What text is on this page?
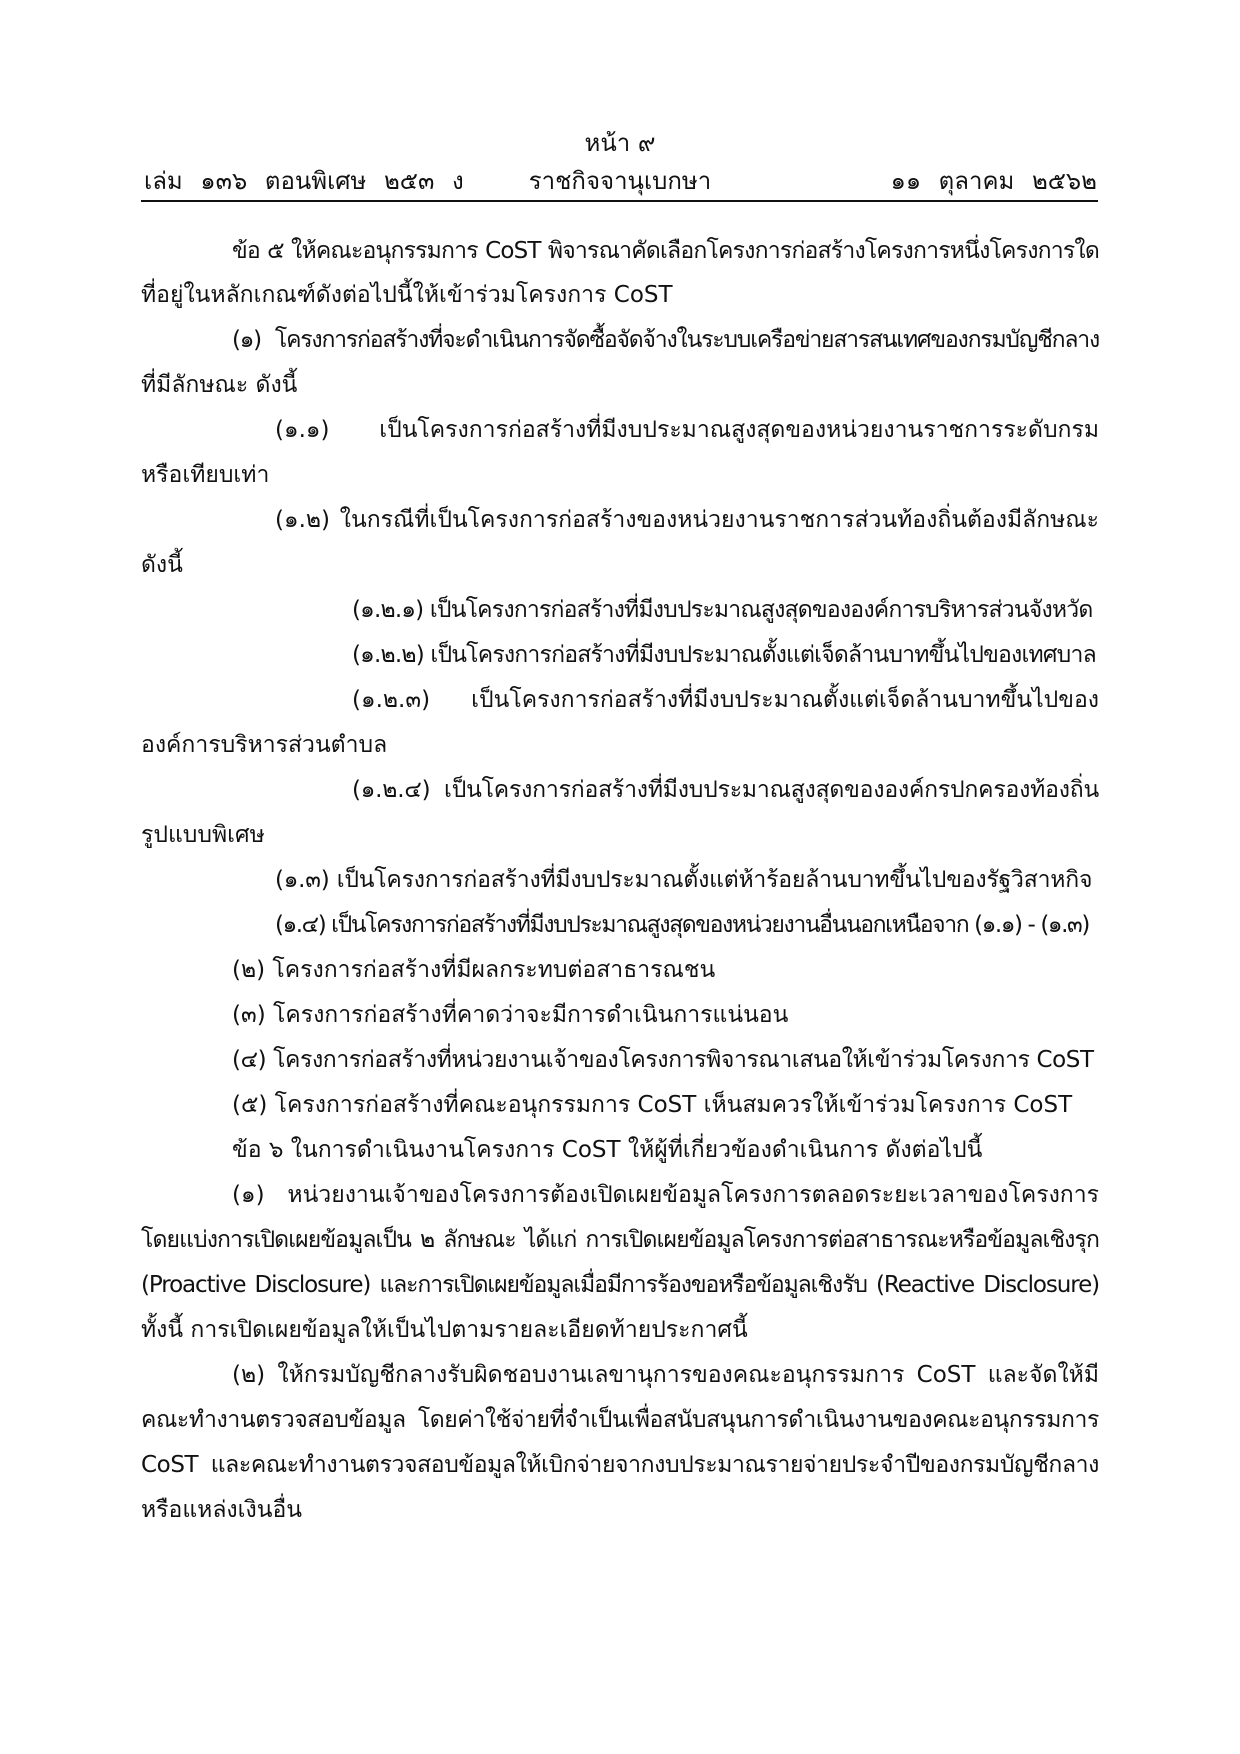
หน้า ๙
เล่ม ๑๓๖ ตอนพิเศษ ๒๕๓ ง	ราชกิจจานุเบกษา	๑๑ ตุลาคม ๒๕๖๒
ข้อ ๕ ให้คณะอนุกรรมการ CoST พิจารณาคัดเลือกโครงการก่อสร้างโครงการหนึ่งโครงการใด
ที่อยู่ในหลักเกณฑ์ดังต่อไปนี้ให้เข้าร่วมโครงการ CoST
(๑) โครงการก่อสร้างที่จะดำเนินการจัดซื้อจัดจ้างในระบบเครือข่ายสารสนเทศของกรมบัญชีกลาง
ที่มีลักษณะ ดังนี้
(๑.๑) เป็นโครงการก่อสร้างที่มีงบประมาณสูงสุดของหน่วยงานราชการระดับกรม
หรือเทียบเท่า
(๑.๒) ในกรณีที่เป็นโครงการก่อสร้างของหน่วยงานราชการส่วนท้องถิ่นต้องมีลักษณะ
ดังนี้
(๑.๒.๑) เป็นโครงการก่อสร้างที่มีงบประมาณสูงสุดขององค์การบริหารส่วนจังหวัด
(๑.๒.๒) เป็นโครงการก่อสร้างที่มีงบประมาณตั้งแต่เจ็ดล้านบาทขึ้นไปของเทศบาล
(๑.๒.๓) เป็นโครงการก่อสร้างที่มีงบประมาณตั้งแต่เจ็ดล้านบาทขึ้นไปของ
องค์การบริหารส่วนตำบล
(๑.๒.๔) เป็นโครงการก่อสร้างที่มีงบประมาณสูงสุดขององค์กรปกครองท้องถิ่น
รูปแบบพิเศษ
(๑.๓) เป็นโครงการก่อสร้างที่มีงบประมาณตั้งแต่ห้าร้อยล้านบาทขึ้นไปของรัฐวิสาหกิจ
(๑.๔) เป็นโครงการก่อสร้างที่มีงบประมาณสูงสุดของหน่วยงานอื่นนอกเหนือจาก (๑.๑) - (๑.๓)
(๒) โครงการก่อสร้างที่มีผลกระทบต่อสาธารณชน
(๓) โครงการก่อสร้างที่คาดว่าจะมีการดำเนินการแน่นอน
(๔) โครงการก่อสร้างที่หน่วยงานเจ้าของโครงการพิจารณาเสนอให้เข้าร่วมโครงการ CoST
(๕) โครงการก่อสร้างที่คณะอนุกรรมการ CoST เห็นสมควรให้เข้าร่วมโครงการ CoST
ข้อ ๖ ในการดำเนินงานโครงการ CoST ให้ผู้ที่เกี่ยวข้องดำเนินการ ดังต่อไปนี้
(๑) หน่วยงานเจ้าของโครงการต้องเปิดเผยข้อมูลโครงการตลอดระยะเวลาของโครงการ
โดยแบ่งการเปิดเผยข้อมูลเป็น ๒ ลักษณะ ได้แก่ การเปิดเผยข้อมูลโครงการต่อสาธารณะหรือข้อมูลเชิงรุก
(Proactive Disclosure) และการเปิดเผยข้อมูลเมื่อมีการร้องขอหรือข้อมูลเชิงรับ (Reactive Disclosure)
ทั้งนี้ การเปิดเผยข้อมูลให้เป็นไปตามรายละเอียดท้ายประกาศนี้
(๒) ให้กรมบัญชีกลางรับผิดชอบงานเลขานุการของคณะอนุกรรมการ CoST และจัดให้มี
คณะทำงานตรวจสอบข้อมูล โดยค่าใช้จ่ายที่จำเป็นเพื่อสนับสนุนการดำเนินงานของคณะอนุกรรมการ
CoST และคณะทำงานตรวจสอบข้อมูลให้เบิกจ่ายจากงบประมาณรายจ่ายประจำปีของกรมบัญชีกลาง
หรือแหล่งเงินอื่น
